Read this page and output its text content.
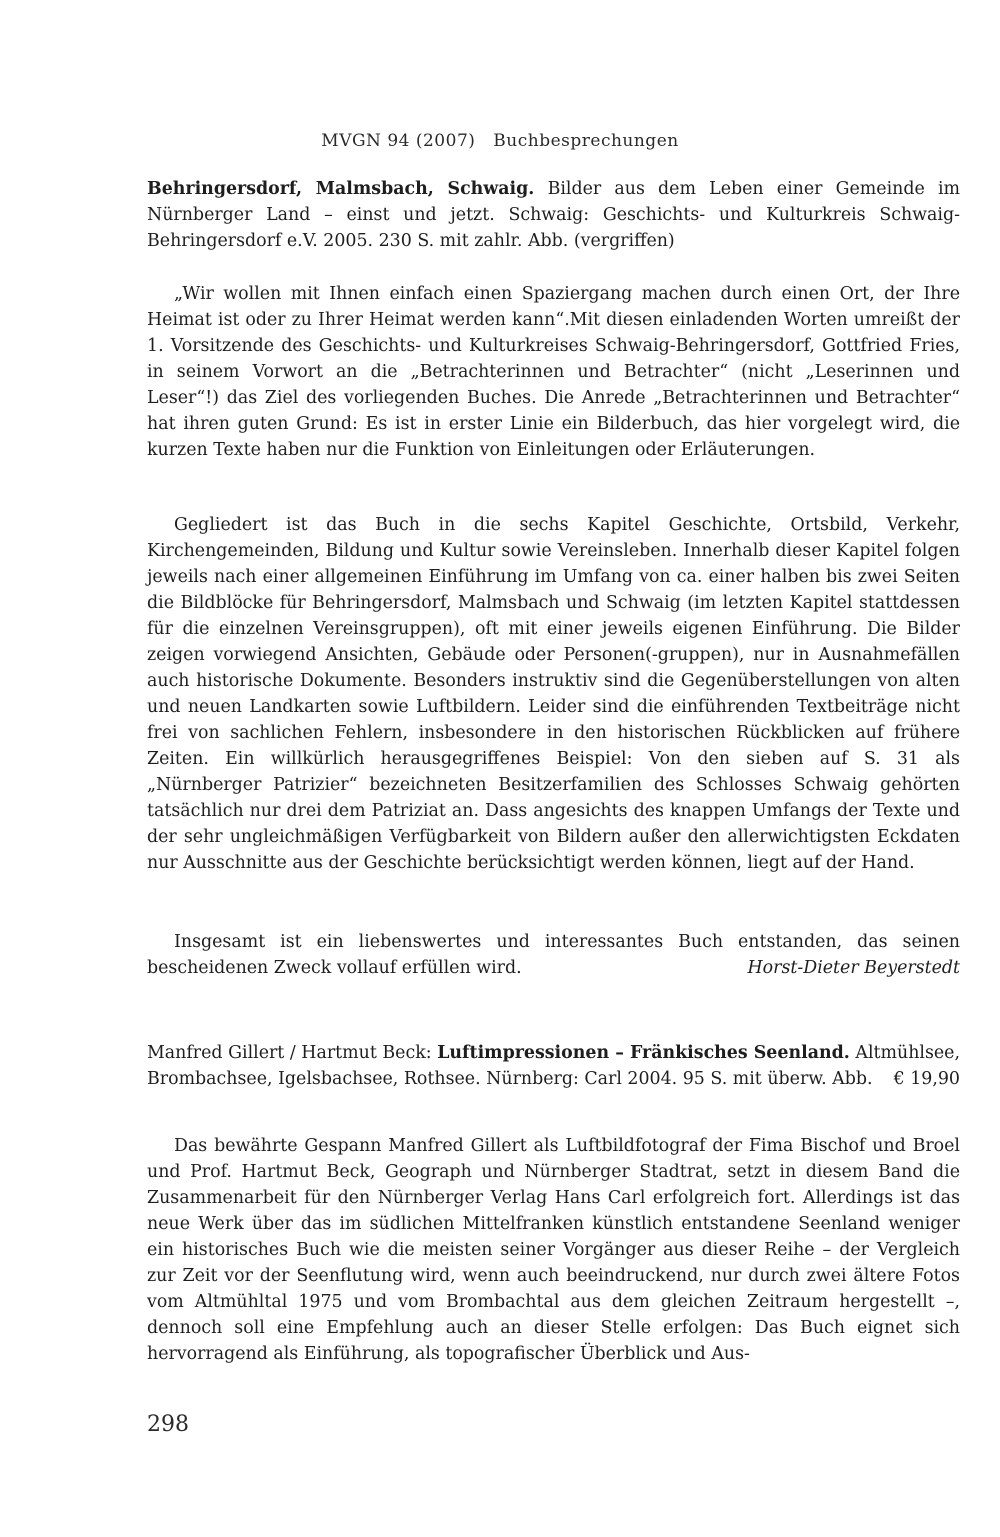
MVGN 94 (2007) Buchbesprechungen

Behringersdorf, Malmsbach, Schwaig. Bilder aus dem Leben einer Gemeinde im Nürnberger Land – einst und jetzt. Schwaig: Geschichts- und Kulturkreis Schwaig-Behringersdorf e.V. 2005. 230 S. mit zahlr. Abb. (vergriffen)

„Wir wollen mit Ihnen einfach einen Spaziergang machen durch einen Ort, der Ihre Heimat ist oder zu Ihrer Heimat werden kann“.Mit diesen einladenden Worten umreißt der 1. Vorsitzende des Geschichts- und Kulturkreises Schwaig-Behringersdorf, Gottfried Fries, in seinem Vorwort an die „Betrachterinnen und Betrachter“ (nicht „Leserinnen und Leser“!) das Ziel des vorliegenden Buches. Die Anrede „Betrachterinnen und Betrachter“ hat ihren guten Grund: Es ist in erster Linie ein Bilderbuch, das hier vorgelegt wird, die kurzen Texte haben nur die Funktion von Einleitungen oder Erläuterungen.

Gegliedert ist das Buch in die sechs Kapitel Geschichte, Ortsbild, Verkehr, Kirchengemeinden, Bildung und Kultur sowie Vereinsleben. Innerhalb dieser Kapitel folgen jeweils nach einer allgemeinen Einführung im Umfang von ca. einer halben bis zwei Seiten die Bildblöcke für Behringersdorf, Malmsbach und Schwaig (im letzten Kapitel stattdessen für die einzelnen Vereinsgruppen), oft mit einer jeweils eigenen Einführung. Die Bilder zeigen vorwiegend Ansichten, Gebäude oder Personen(-gruppen), nur in Ausnahmefällen auch historische Dokumente. Besonders instruktiv sind die Gegenüberstellungen von alten und neuen Landkarten sowie Luftbildern. Leider sind die einführenden Textbeiträge nicht frei von sachlichen Fehlern, insbesondere in den historischen Rückblicken auf frühere Zeiten. Ein willkürlich herausgegriffenes Beispiel: Von den sieben auf S. 31 als „Nürnberger Patrizier“ bezeichneten Besitzerfamilien des Schlosses Schwaig gehörten tatsächlich nur drei dem Patriziat an. Dass angesichts des knappen Umfangs der Texte und der sehr ungleichmäßigen Verfügbarkeit von Bildern außer den allerwichtigsten Eckdaten nur Ausschnitte aus der Geschichte berücksichtigt werden können, liegt auf der Hand.

Insgesamt ist ein liebenswertes und interessantes Buch entstanden, das seinen bescheidenen Zweck vollauf erfüllen wird.	Horst-Dieter Beyerstedt

Manfred Gillert / Hartmut Beck: Luftimpressionen – Fränkisches Seenland. Altmühlsee, Brombachsee, Igelsbachsee, Rothsee. Nürnberg: Carl 2004. 95 S. mit überw. Abb. € 19,90

Das bewährte Gespann Manfred Gillert als Luftbildfotograf der Fima Bischof und Broel und Prof. Hartmut Beck, Geograph und Nürnberger Stadtrat, setzt in diesem Band die Zusammenarbeit für den Nürnberger Verlag Hans Carl erfolgreich fort. Allerdings ist das neue Werk über das im südlichen Mittelfranken künstlich entstandene Seenland weniger ein historisches Buch wie die meisten seiner Vorgänger aus dieser Reihe – der Vergleich zur Zeit vor der Seenflutung wird, wenn auch beeindruckend, nur durch zwei ältere Fotos vom Altmühltal 1975 und vom Brombachtal aus dem gleichen Zeitraum hergestellt –, dennoch soll eine Empfehlung auch an dieser Stelle erfolgen: Das Buch eignet sich hervorragend als Einführung, als topografischer Überblick und Aus-

298
